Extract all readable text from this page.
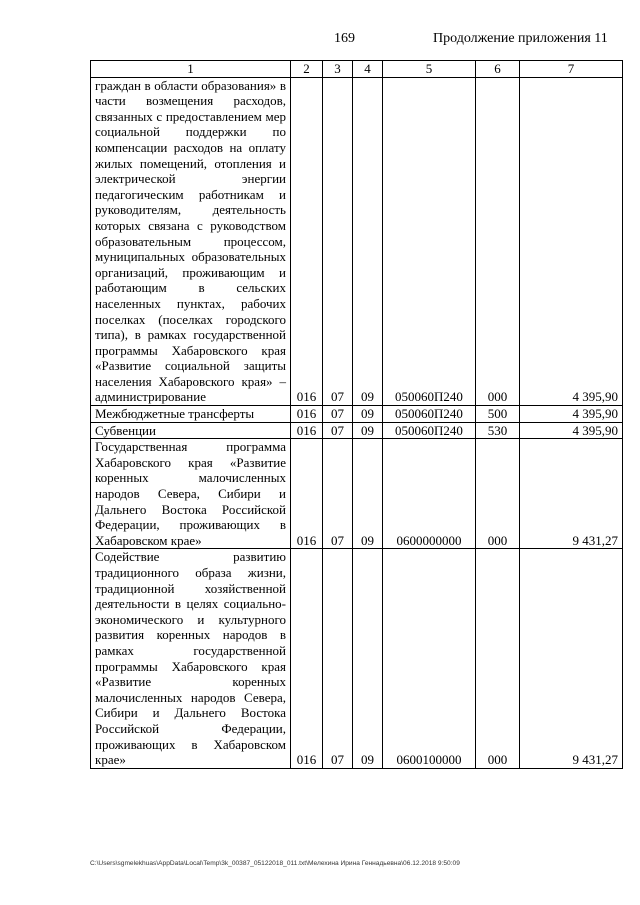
169	Продолжение приложения 11
1	2	3	4	5	6	7
граждан в области образования» в части возмещения расходов, связанных с предоставлением мер социальной поддержки по компенсации расходов на оплату жилых помещений, отопления и электрической энергии педагогическим работникам и руководителям, деятельность которых связана с руководством образовательным процессом, муниципальных образовательных организаций, проживающим и работающим в сельских населенных пунктах, рабочих поселках (поселках городского типа), в рамках государственной программы Хабаровского края «Развитие социальной защиты населения Хабаровского края» – администрирование	016	07	09	050060П240	000	4 395,90
Межбюджетные трансферты	016	07	09	050060П240	500	4 395,90
Субвенции	016	07	09	050060П240	530	4 395,90
Государственная программа Хабаровского края «Развитие коренных малочисленных народов Севера, Сибири и Дальнего Востока Российской Федерации, проживающих в Хабаровском крае»	016	07	09	0600000000	000	9 431,27
Содействие развитию традиционного образа жизни, традиционной хозяйственной деятельности в целях социально-экономического и культурного развития коренных народов в рамках государственной программы Хабаровского края «Развитие коренных малочисленных народов Севера, Сибири и Дальнего Востока Российской Федерации, проживающих в Хабаровском крае»	016	07	09	0600100000	000	9 431,27
C:\Users\sgmelekhuas\AppData\Local\Temp\3k_00387_05122018_011.txt\Мелехина Ирина Геннадьевна\06.12.2018 9:50:09
